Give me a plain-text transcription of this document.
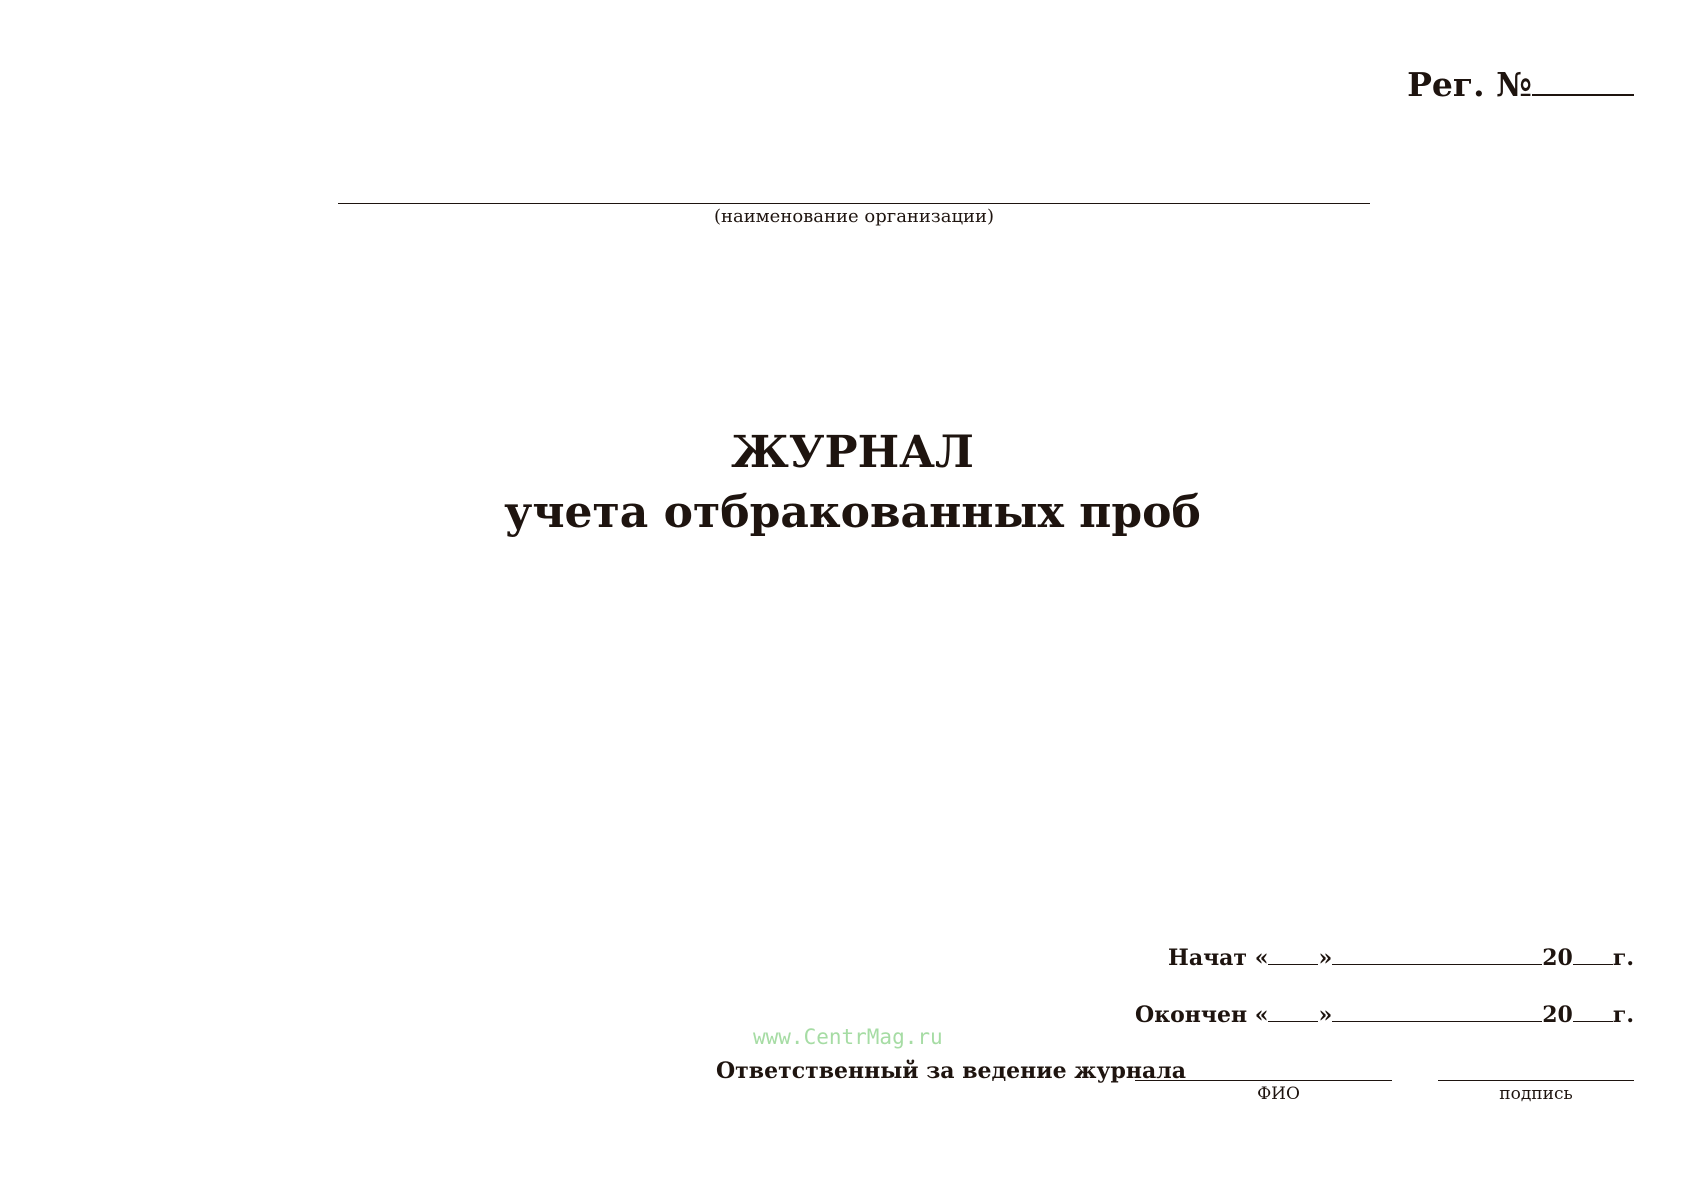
Рег. №
(наименование организации)
ЖУРНАЛ
учета отбракованных проб
Начат « »	20 г.
Окончен « »	20 г.
www.CentrMag.ru
Ответственный за ведение журнала
ФИО	подпись
